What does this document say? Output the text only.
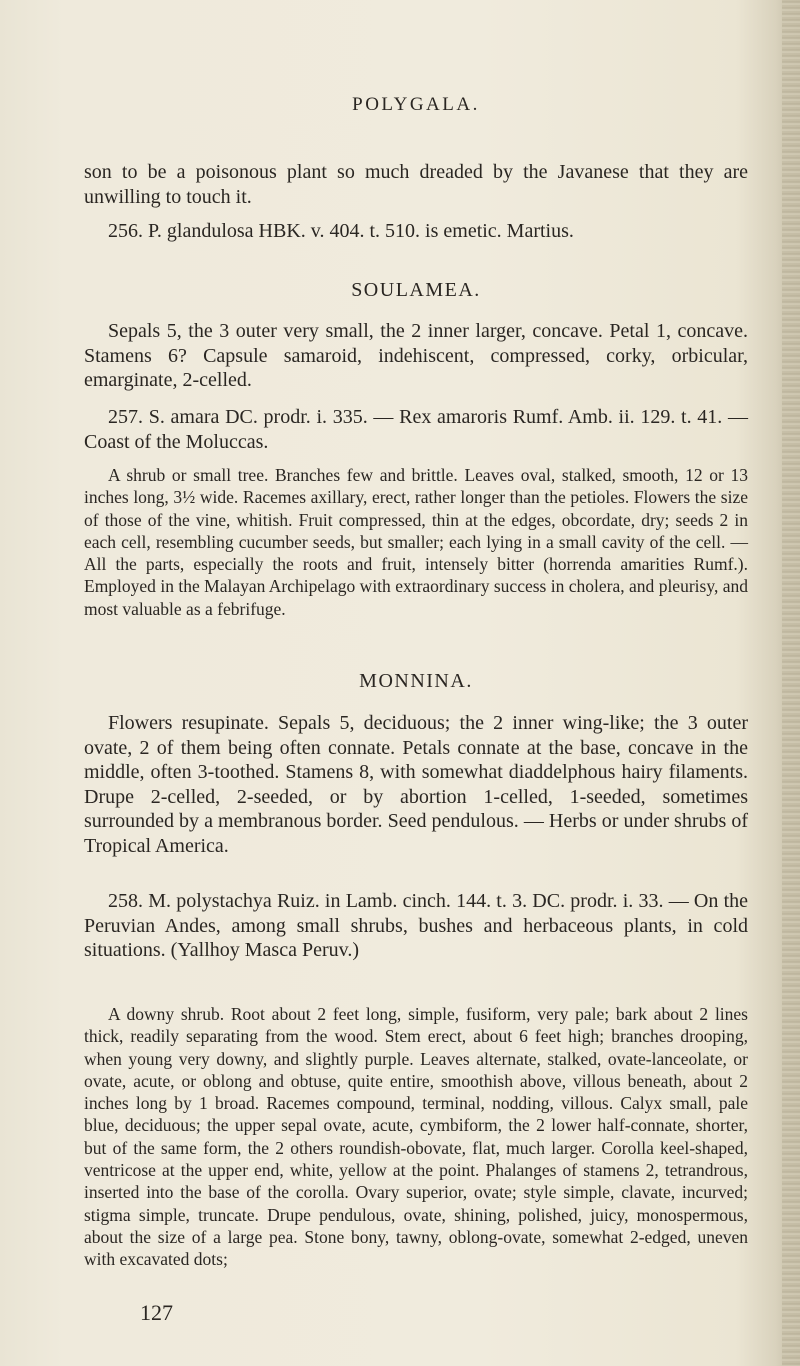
POLYGALA.

son to be a poisonous plant so much dreaded by the Javanese that they are unwilling to touch it.

256. P. glandulosa HBK. v. 404. t. 510. is emetic. Martius.

SOULAMEA.

Sepals 5, the 3 outer very small, the 2 inner larger, concave. Petal 1, concave. Stamens 6? Capsule samaroid, indehiscent, compressed, corky, orbicular, emarginate, 2-celled.

257. S. amara DC. prodr. i. 335. — Rex amaroris Rumf. Amb. ii. 129. t. 41. — Coast of the Moluccas.

A shrub or small tree. Branches few and brittle. Leaves oval, stalked, smooth, 12 or 13 inches long, 3½ wide. Racemes axillary, erect, rather longer than the petioles. Flowers the size of those of the vine, whitish. Fruit compressed, thin at the edges, obcordate, dry; seeds 2 in each cell, resembling cucumber seeds, but smaller; each lying in a small cavity of the cell. — All the parts, especially the roots and fruit, intensely bitter (horrenda amarities Rumf.). Employed in the Malayan Archipelago with extraordinary success in cholera, and pleurisy, and most valuable as a febrifuge.

MONNINA.

Flowers resupinate. Sepals 5, deciduous; the 2 inner wing-like; the 3 outer ovate, 2 of them being often connate. Petals connate at the base, concave in the middle, often 3-toothed. Stamens 8, with somewhat diaddelphous hairy filaments. Drupe 2-celled, 2-seeded, or by abortion 1-celled, 1-seeded, sometimes surrounded by a membranous border. Seed pendulous. — Herbs or under shrubs of Tropical America.

258. M. polystachya Ruiz. in Lamb. cinch. 144. t. 3. DC. prodr. i. 33. — On the Peruvian Andes, among small shrubs, bushes and herbaceous plants, in cold situations. (Yallhoy Masca Peruv.)

A downy shrub. Root about 2 feet long, simple, fusiform, very pale; bark about 2 lines thick, readily separating from the wood. Stem erect, about 6 feet high; branches drooping, when young very downy, and slightly purple. Leaves alternate, stalked, ovate-lanceolate, or ovate, acute, or oblong and obtuse, quite entire, smoothish above, villous beneath, about 2 inches long by 1 broad. Racemes compound, terminal, nodding, villous. Calyx small, pale blue, deciduous; the upper sepal ovate, acute, cymbiform, the 2 lower half-connate, shorter, but of the same form, the 2 others roundish-obovate, flat, much larger. Corolla keel-shaped, ventricose at the upper end, white, yellow at the point. Phalanges of stamens 2, tetrandrous, inserted into the base of the corolla. Ovary superior, ovate; style simple, clavate, incurved; stigma simple, truncate. Drupe pendulous, ovate, shining, polished, juicy, monospermous, about the size of a large pea. Stone bony, tawny, oblong-ovate, somewhat 2-edged, uneven with excavated dots;

127
